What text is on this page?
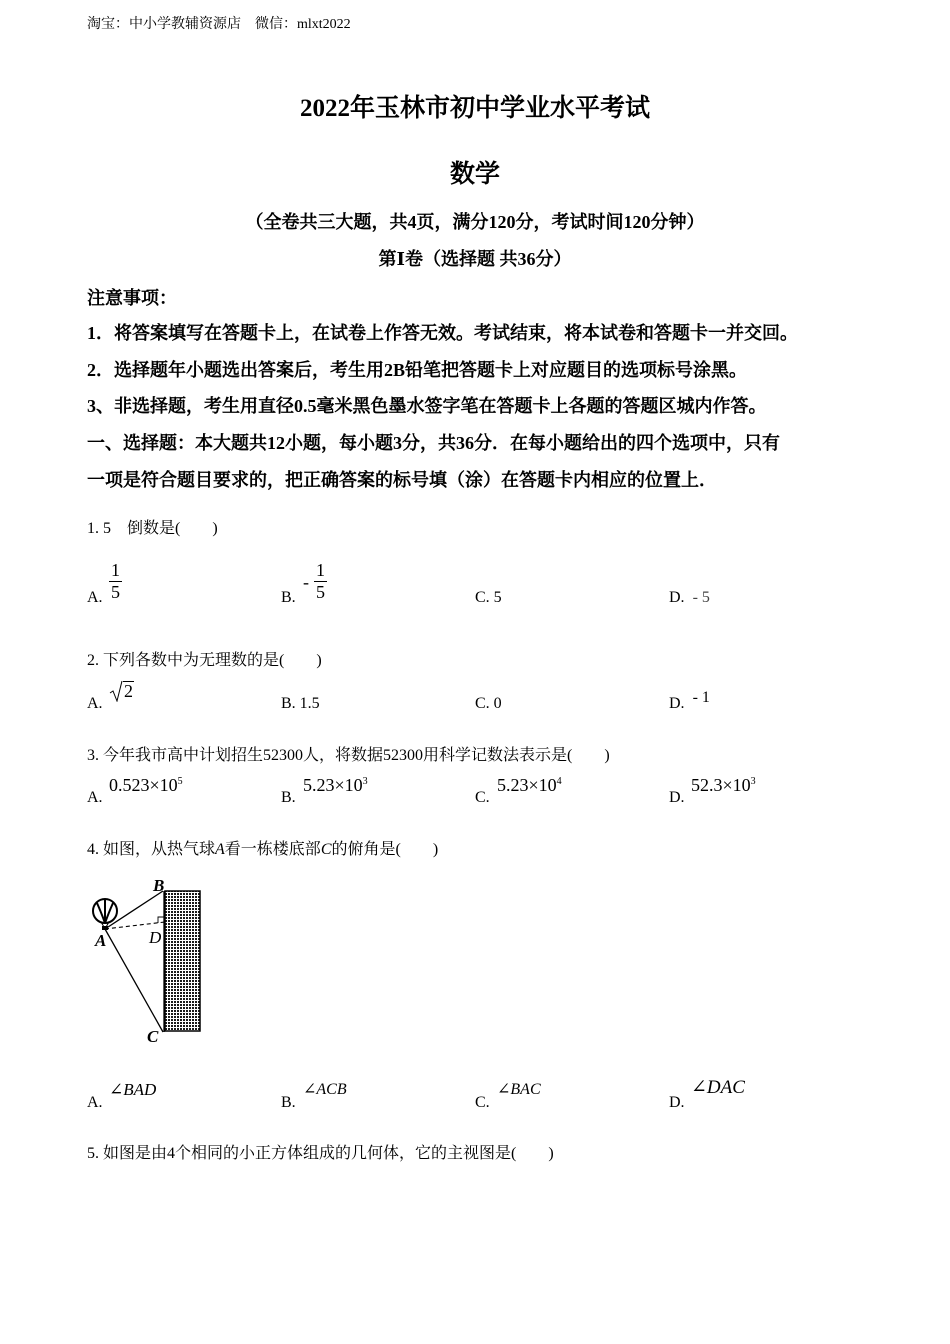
淘宝：中小学教辅资源店　微信：mlxt2022
2022年玉林市初中学业水平考试
数学
（全卷共三大题，共4页，满分120分，考试时间120分钟）
第Ⅰ卷（选择题 共36分）
注意事项：
1．将答案填写在答题卡上，在试卷上作答无效。考试结束，将本试卷和答题卡一并交回。
2．选择题年小题选出答案后，考生用2B铅笔把答题卡上对应题目的选项标号涂黑。
3、非选择题，考生用直径0.5毫米黑色墨水签字笔在答题卡上各题的答题区城内作答。
一、选择题：本大题共12小题，每小题3分，共36分．在每小题给出的四个选项中，只有
一项是符合题目要求的，把正确答案的标号填（涂）在答题卡内相应的位置上．
1. 5　倒数是(　　)
A. $\frac{1}{5}$	B.
- $\frac{1}{5}$	C. 5	D. - 5
2. 下列各数中为无理数的是(　　)
A.
2
B. 1.5	C. 0	D. - 1
3. 今年我市高中计划招生52300人，将数据52300用科学记数法表示是(　　)
A.
$0.523\times 10^5$
B.
$5.23\times 10^3$
C.
$5.23\times 10^4$
D.
$52.3\times 10^3$
4. 如图，从热气球A看一栋楼底部C的俯角是(　　)
B
A	D
C
A.
∠BAD
B.
∠ACB
C.
∠BAC
D.
∠DAC
5. 如图是由4个相同的小正方体组成的几何体，它的主视图是(　　)
